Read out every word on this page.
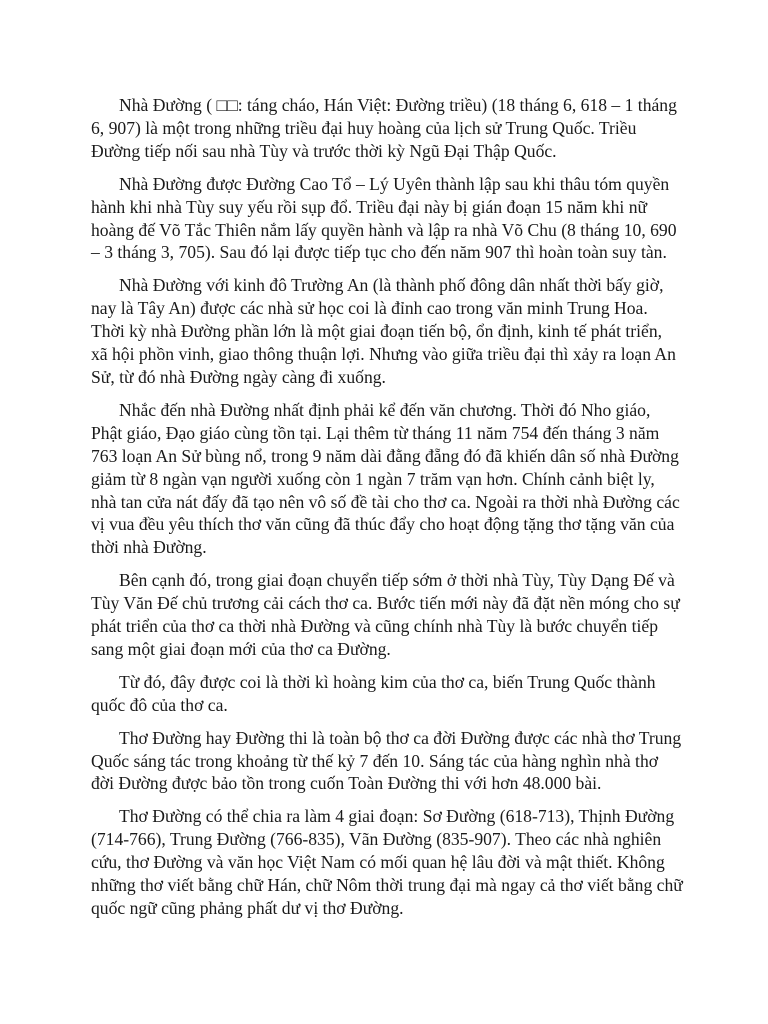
Nhà Đường ( □□: táng cháo, Hán Việt: Đường triều) (18 tháng 6, 618 – 1 tháng 6, 907) là một trong những triều đại huy hoàng của lịch sử Trung Quốc. Triều Đường tiếp nối sau nhà Tùy và trước thời kỳ Ngũ Đại Thập Quốc.

Nhà Đường được Đường Cao Tổ – Lý Uyên thành lập sau khi thâu tóm quyền hành khi nhà Tùy suy yếu rồi sụp đổ. Triều đại này bị gián đoạn 15 năm khi nữ hoàng đế Võ Tắc Thiên nắm lấy quyền hành và lập ra nhà Võ Chu (8 tháng 10, 690 – 3 tháng 3, 705). Sau đó lại được tiếp tục cho đến năm 907 thì hoàn toàn suy tàn.

Nhà Đường với kinh đô Trường An (là thành phố đông dân nhất thời bấy giờ, nay là Tây An) được các nhà sử học coi là đỉnh cao trong văn minh Trung Hoa. Thời kỳ nhà Đường phần lớn là một giai đoạn tiến bộ, ổn định, kinh tế phát triển, xã hội phồn vinh, giao thông thuận lợi. Nhưng vào giữa triều đại thì xảy ra loạn An Sử, từ đó nhà Đường ngày càng đi xuống.

Nhắc đến nhà Đường nhất định phải kể đến văn chương. Thời đó Nho giáo, Phật giáo, Đạo giáo cùng tồn tại. Lại thêm từ tháng 11 năm 754 đến tháng 3 năm 763 loạn An Sử bùng nổ, trong 9 năm dài đằng đẵng đó đã khiến dân số nhà Đường giảm từ 8 ngàn vạn người xuống còn 1 ngàn 7 trăm vạn hơn. Chính cảnh biệt ly, nhà tan cửa nát đấy đã tạo nên vô số đề tài cho thơ ca. Ngoài ra thời nhà Đường các vị vua đều yêu thích thơ văn cũng đã thúc đẩy cho hoạt động tặng thơ tặng văn của thời nhà Đường.

Bên cạnh đó, trong giai đoạn chuyển tiếp sớm ở thời nhà Tùy, Tùy Dạng Đế và Tùy Văn Đế chủ trương cải cách thơ ca. Bước tiến mới này đã đặt nền móng cho sự phát triển của thơ ca thời nhà Đường và cũng chính nhà Tùy là bước chuyển tiếp sang một giai đoạn mới của thơ ca Đường.

Từ đó, đây được coi là thời kì hoàng kim của thơ ca, biến Trung Quốc thành quốc đô của thơ ca.

Thơ Đường hay Đường thi là toàn bộ thơ ca đời Đường được các nhà thơ Trung Quốc sáng tác trong khoảng từ thế kỷ 7 đến 10. Sáng tác của hàng nghìn nhà thơ đời Đường được bảo tồn trong cuốn Toàn Đường thi với hơn 48.000 bài.

Thơ Đường có thể chia ra làm 4 giai đoạn: Sơ Đường (618-713), Thịnh Đường (714-766), Trung Đường (766-835), Vãn Đường (835-907). Theo các nhà nghiên cứu, thơ Đường và văn học Việt Nam có mối quan hệ lâu đời và mật thiết. Không những thơ viết bằng chữ Hán, chữ Nôm thời trung đại mà ngay cả thơ viết bằng chữ quốc ngữ cũng phảng phất dư vị thơ Đường.
